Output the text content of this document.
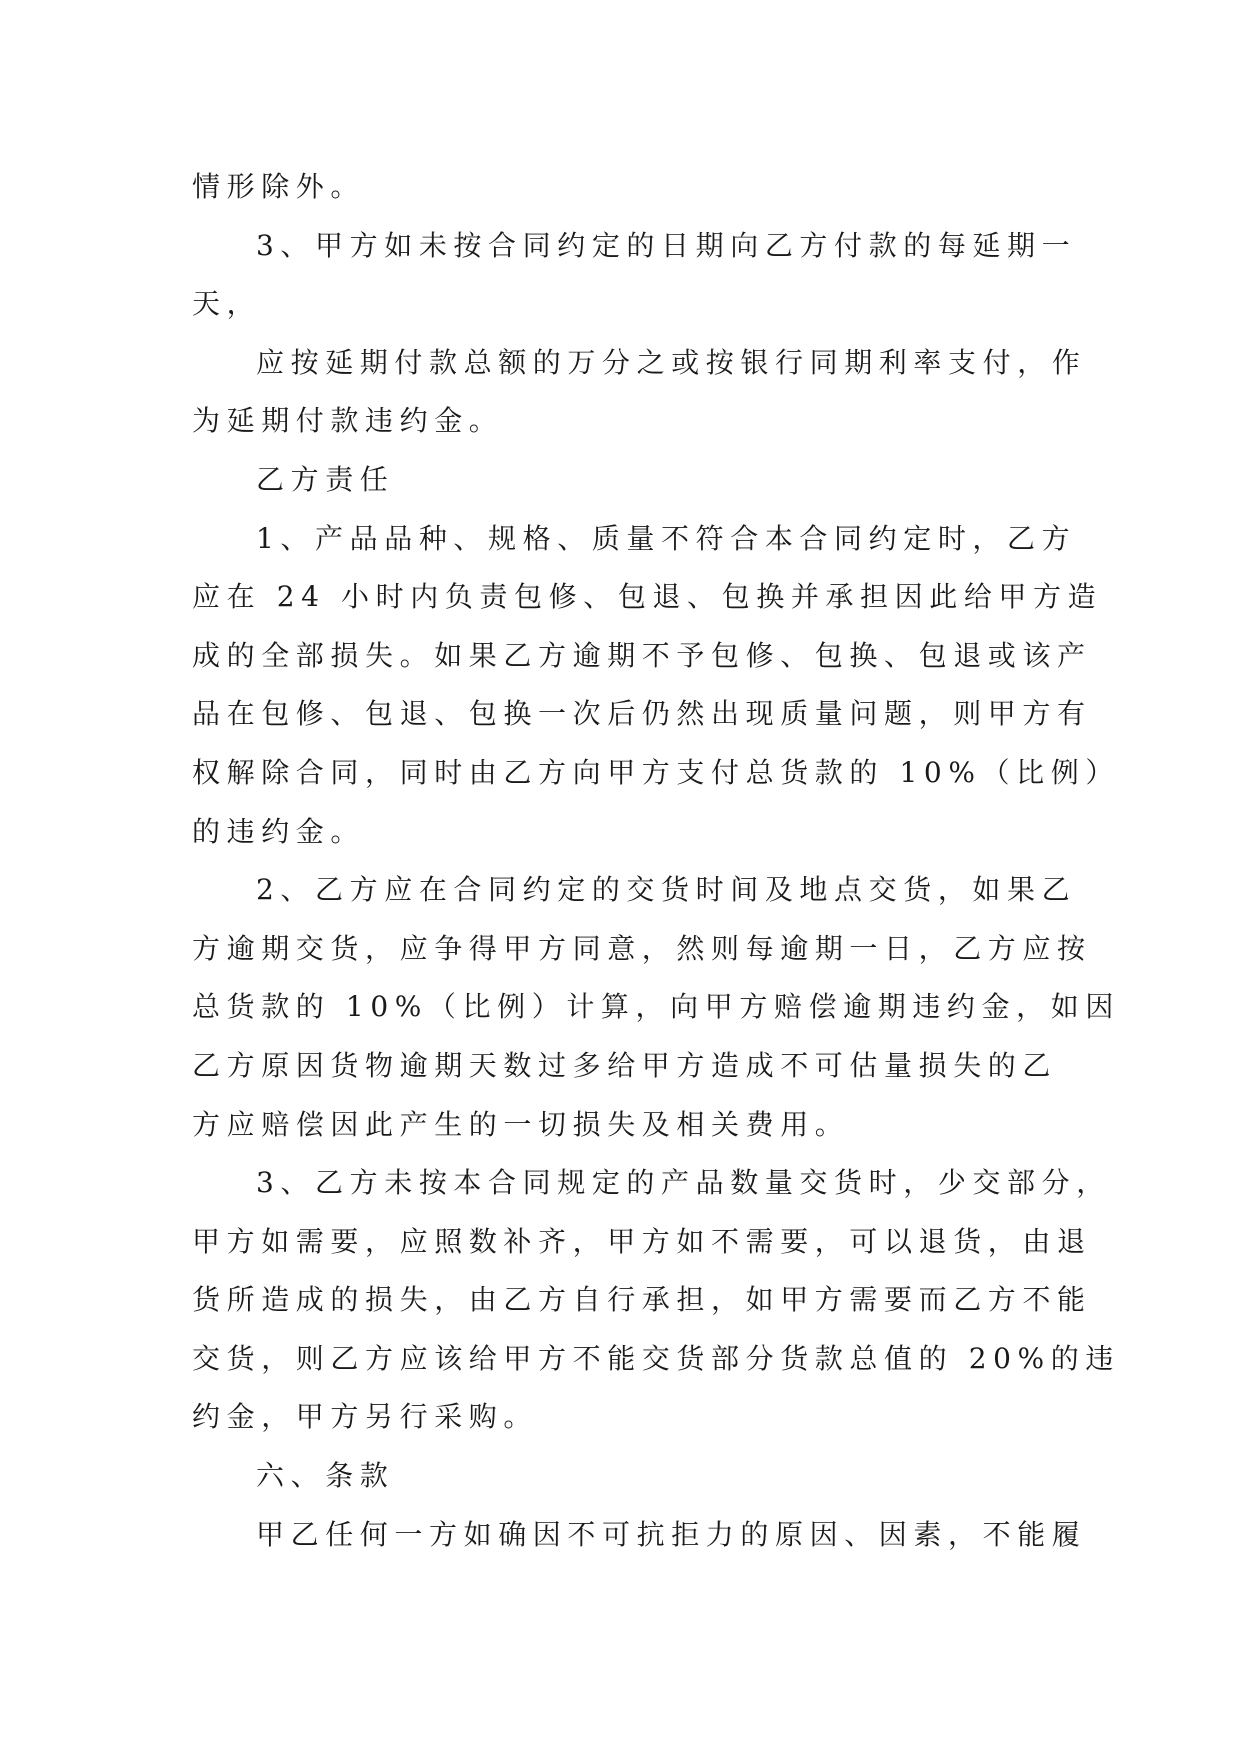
情形除外。

3、甲方如未按合同约定的日期向乙方付款的每延期一

天，

应按延期付款总额的万分之或按银行同期利率支付，作

为延期付款违约金。

乙方责任

1、产品品种、规格、质量不符合本合同约定时，乙方

应在 24 小时内负责包修、包退、包换并承担因此给甲方造

成的全部损失。如果乙方逾期不予包修、包换、包退或该产

品在包修、包退、包换一次后仍然出现质量问题，则甲方有

权解除合同，同时由乙方向甲方支付总货款的 10%（比例）

的违约金。

2、乙方应在合同约定的交货时间及地点交货，如果乙

方逾期交货，应争得甲方同意，然则每逾期一日，乙方应按

总货款的 10%（比例）计算，向甲方赔偿逾期违约金，如因

乙方原因货物逾期天数过多给甲方造成不可估量损失的乙

方应赔偿因此产生的一切损失及相关费用。

3、乙方未按本合同规定的产品数量交货时，少交部分，

甲方如需要，应照数补齐，甲方如不需要，可以退货，由退

货所造成的损失，由乙方自行承担，如甲方需要而乙方不能

交货，则乙方应该给甲方不能交货部分货款总值的 20%的违

约金，甲方另行采购。

六、条款

甲乙任何一方如确因不可抗拒力的原因、因素，不能履
